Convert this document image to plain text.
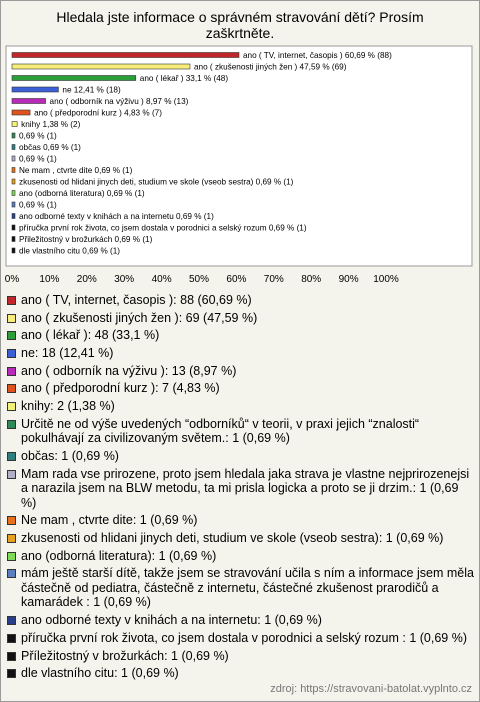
Hledala jste informace o správném stravování dětí? Prosím
zaškrtněte.
ano ( TV, internet, časopis ) 60,69 % (88)
ano ( zkušenosti jiných žen ) 47,59 % (69)
ano ( lékař ) 33,1 % (48)
ne 12,41 % (18)
ano ( odborník na výživu ) 8,97 % (13)
ano ( předporodní kurz ) 4,83 % (7)
knihy 1,38 % (2)
0,69 % (1)
občas 0,69 % (1)
0,69 % (1)
Ne mam , ctvrte dite 0,69 % (1)
zkusenosti od hlidani jinych deti, studium ve skole (vseob sestra) 0,69 % (1)
ano (odborná literatura) 0,69 % (1)
0,69 % (1)
ano odborné texty v knihách a na internetu 0,69 % (1)
příručka první rok života, co jsem dostala v porodnici a selský rozum 0,69 % (1)
Přiležitostný v brožurkách 0,69 % (1)
dle vlastního citu 0,69 % (1)
0% 10% 20% 30% 40% 50% 60% 70% 80% 90% 100%
ano ( TV, internet, časopis ): 88 (60,69 %)
ano ( zkušenosti jiných žen ): 69 (47,59 %)
ano ( lékař ): 48 (33,1 %)
ne: 18 (12,41 %)
ano ( odborník na výživu ): 13 (8,97 %)
ano ( předporodní kurz ): 7 (4,83 %)
knihy: 2 (1,38 %)
Určitě ne od výše uvedených “odborníků“ v teorii, v praxi jejich “znalosti“ pokulhávají za civilizovaným světem.: 1 (0,69 %)
občas: 1 (0,69 %)
Mam rada vse prirozene, proto jsem hledala jaka strava je vlastne nejprirozenejsi a narazila jsem na BLW metodu, ta mi prisla logicka a proto se ji drzim.: 1 (0,69 %)
Ne mam , ctvrte dite: 1 (0,69 %)
zkusenosti od hlidani jinych deti, studium ve skole (vseob sestra): 1 (0,69 %)
ano (odborná literatura): 1 (0,69 %)
mám ještě starší dítě, takže jsem se stravování učila s ním a informace jsem měla částečně od pediatra, částečně z internetu, částečné zkušenost prarodičů a kamarádek : 1 (0,69 %)
ano odborné texty v knihách a na internetu: 1 (0,69 %)
příručka první rok života, co jsem dostala v porodnici a selský rozum : 1 (0,69 %)
Příležitostný v brožurkách: 1 (0,69 %)
dle vlastního citu: 1 (0,69 %)
zdroj: https://stravovani-batolat.vyplnto.cz
